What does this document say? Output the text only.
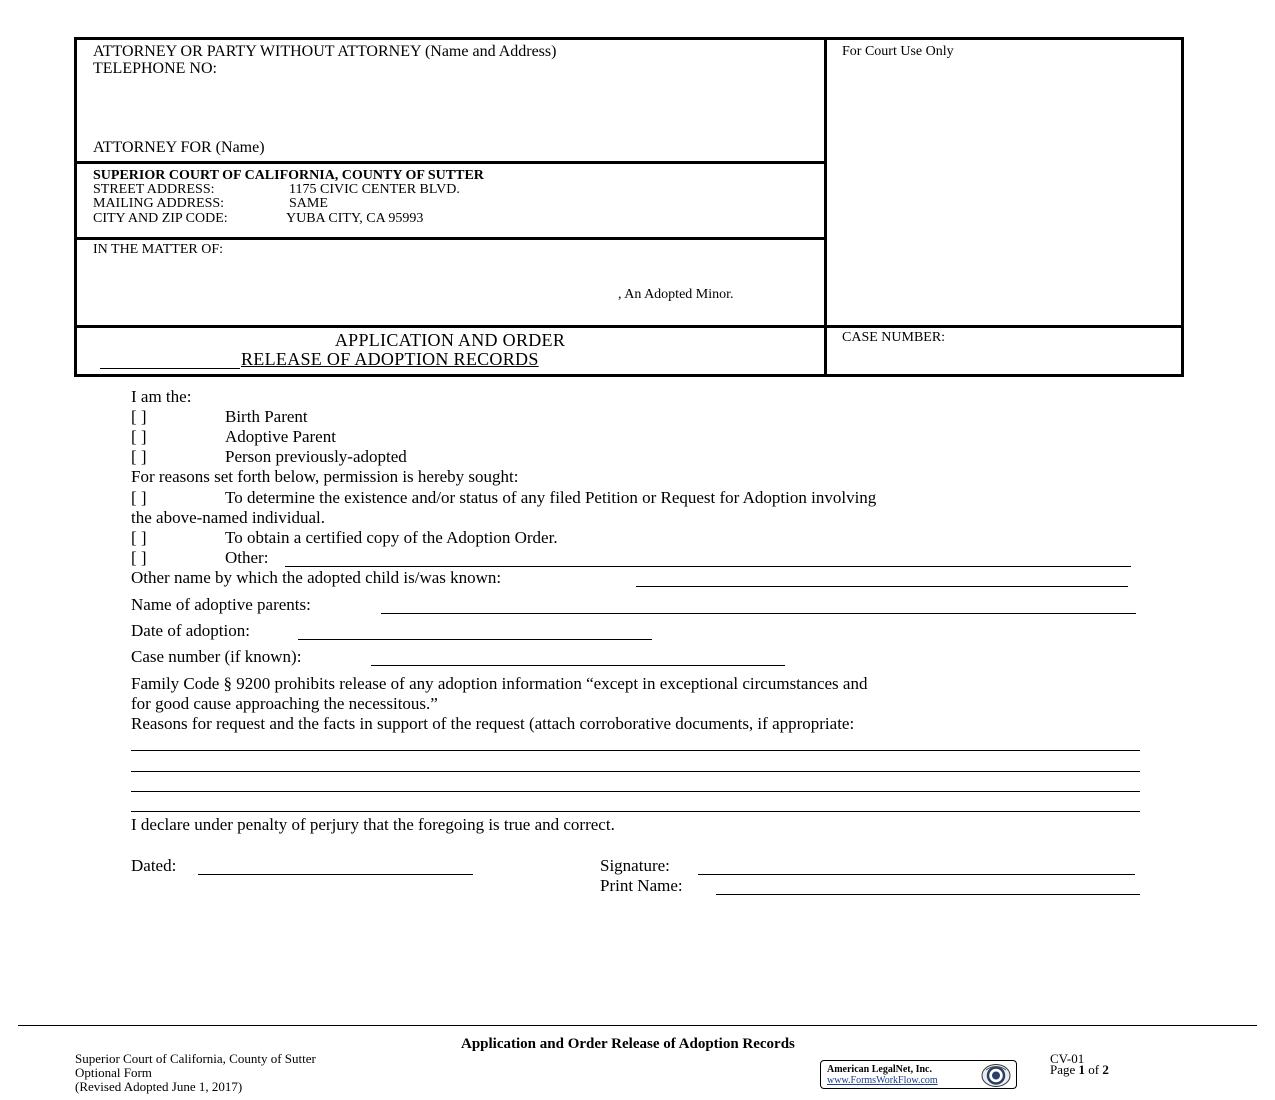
ATTORNEY OR PARTY WITHOUT ATTORNEY (Name and Address)
TELEPHONE NO:
ATTORNEY FOR (Name)
For Court Use Only
SUPERIOR COURT OF CALIFORNIA, COUNTY OF SUTTER
STREET ADDRESS:	1175 CIVIC CENTER BLVD.
MAILING ADDRESS:	SAME
CITY AND ZIP CODE:	YUBA CITY, CA 95993
IN THE MATTER OF:
, An Adopted Minor.
APPLICATION AND ORDER
RELEASE OF ADOPTION RECORDS
CASE NUMBER:
I am the:
[ ]	Birth Parent
[ ]	Adoptive Parent
[ ]	Person previously-adopted
For reasons set forth below, permission is hereby sought:
[ ]	To determine the existence and/or status of any filed Petition or Request for Adoption involving
the above-named individual.
[ ]	To obtain a certified copy of the Adoption Order.
[ ]	Other:
Other name by which the adopted child is/was known:
Name of adoptive parents:
Date of adoption:
Case number (if known):
Family Code § 9200 prohibits release of any adoption information “except in exceptional circumstances and
for good cause approaching the necessitous.”
Reasons for request and the facts in support of the request (attach corroborative documents, if appropriate:
I declare under penalty of perjury that the foregoing is true and correct.
Dated:	Signature:
Print Name:
Application and Order Release of Adoption Records
Superior Court of California, County of Sutter
Optional Form
(Revised Adopted June 1, 2017)
American LegalNet, Inc.
www.FormsWorkFlow.com
CV-01
Page 1 of 2
